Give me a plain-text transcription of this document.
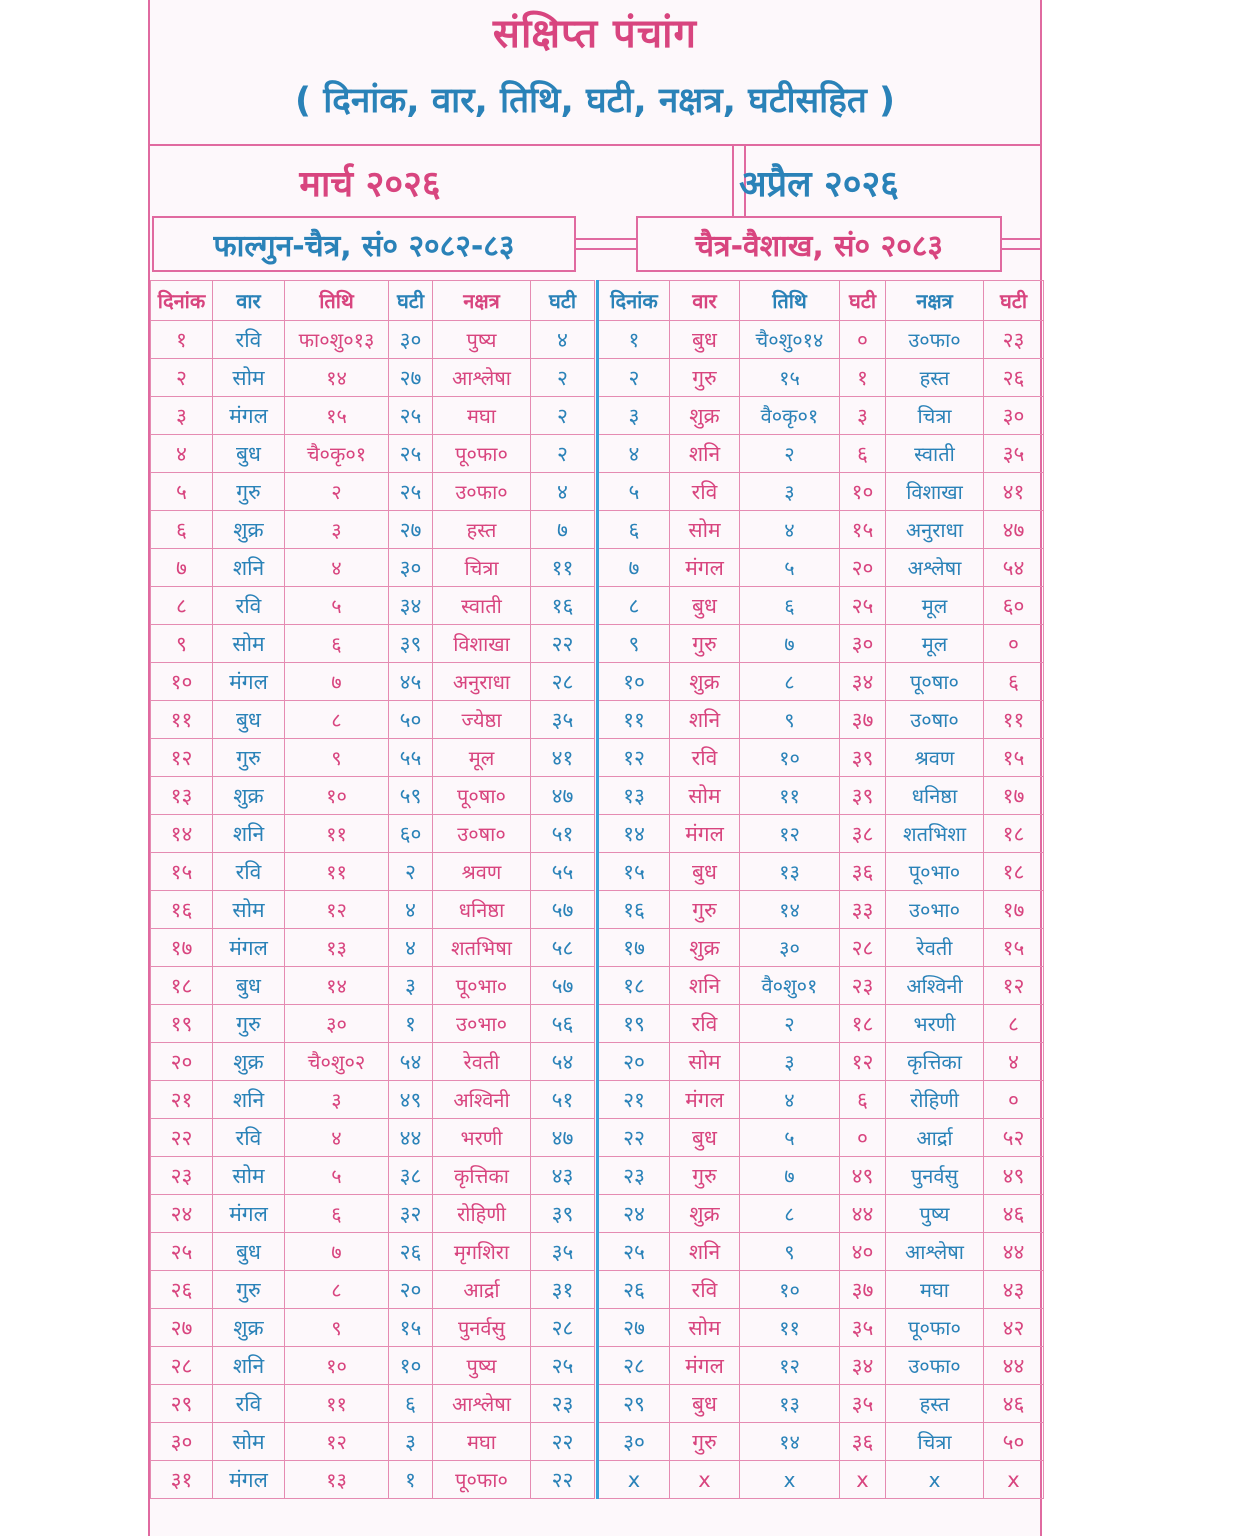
संक्षिप्त पंचांग
( दिनांक, वार, तिथि, घटी, नक्षत्र, घटीसहित )
मार्च २०२६	अप्रैल २०२६
फाल्गुन-चैत्र, सं० २०८२-८३	चैत्र-वैशाख, सं० २०८३
दिनांक	वार	तिथि	घटी	नक्षत्र	घटी
१	रवि	फा०शु०१३	३०	पुष्य	४
२	सोम	१४	२७	आश्लेषा	२
३	मंगल	१५	२५	मघा	२
४	बुध	चै०कृ०१	२५	पू०फा०	२
५	गुरु	२	२५	उ०फा०	४
६	शुक्र	३	२७	हस्त	७
७	शनि	४	३०	चित्रा	११
८	रवि	५	३४	स्वाती	१६
९	सोम	६	३९	विशाखा	२२
१०	मंगल	७	४५	अनुराधा	२८
११	बुध	८	५०	ज्येष्ठा	३५
१२	गुरु	९	५५	मूल	४१
१३	शुक्र	१०	५९	पू०षा०	४७
१४	शनि	११	६०	उ०षा०	५१
१५	रवि	११	२	श्रवण	५५
१६	सोम	१२	४	धनिष्ठा	५७
१७	मंगल	१३	४	शतभिषा	५८
१८	बुध	१४	३	पू०भा०	५७
१९	गुरु	३०	१	उ०भा०	५६
२०	शुक्र	चै०शु०२	५४	रेवती	५४
२१	शनि	३	४९	अश्विनी	५१
२२	रवि	४	४४	भरणी	४७
२३	सोम	५	३८	कृत्तिका	४३
२४	मंगल	६	३२	रोहिणी	३९
२५	बुध	७	२६	मृगशिरा	३५
२६	गुरु	८	२०	आर्द्रा	३१
२७	शुक्र	९	१५	पुनर्वसु	२८
२८	शनि	१०	१०	पुष्य	२५
२९	रवि	११	६	आश्लेषा	२३
३०	सोम	१२	३	मघा	२२
३१	मंगल	१३	१	पू०फा०	२२
दिनांक	वार	तिथि	घटी	नक्षत्र	घटी
१	बुध	चै०शु०१४	०	उ०फा०	२३
२	गुरु	१५	१	हस्त	२६
३	शुक्र	वै०कृ०१	३	चित्रा	३०
४	शनि	२	६	स्वाती	३५
५	रवि	३	१०	विशाखा	४१
६	सोम	४	१५	अनुराधा	४७
७	मंगल	५	२०	अश्लेषा	५४
८	बुध	६	२५	मूल	६०
९	गुरु	७	३०	मूल	०
१०	शुक्र	८	३४	पू०षा०	६
११	शनि	९	३७	उ०षा०	११
१२	रवि	१०	३९	श्रवण	१५
१३	सोम	११	३९	धनिष्ठा	१७
१४	मंगल	१२	३८	शतभिशा	१८
१५	बुध	१३	३६	पू०भा०	१८
१६	गुरु	१४	३३	उ०भा०	१७
१७	शुक्र	३०	२८	रेवती	१५
१८	शनि	वै०शु०१	२३	अश्विनी	१२
१९	रवि	२	१८	भरणी	८
२०	सोम	३	१२	कृत्तिका	४
२१	मंगल	४	६	रोहिणी	०
२२	बुध	५	०	आर्द्रा	५२
२३	गुरु	७	४९	पुनर्वसु	४९
२४	शुक्र	८	४४	पुष्य	४६
२५	शनि	९	४०	आश्लेषा	४४
२६	रवि	१०	३७	मघा	४३
२७	सोम	११	३५	पू०फा०	४२
२८	मंगल	१२	३४	उ०फा०	४४
२९	बुध	१३	३५	हस्त	४६
३०	गुरु	१४	३६	चित्रा	५०
x	x	x	x	x	x
